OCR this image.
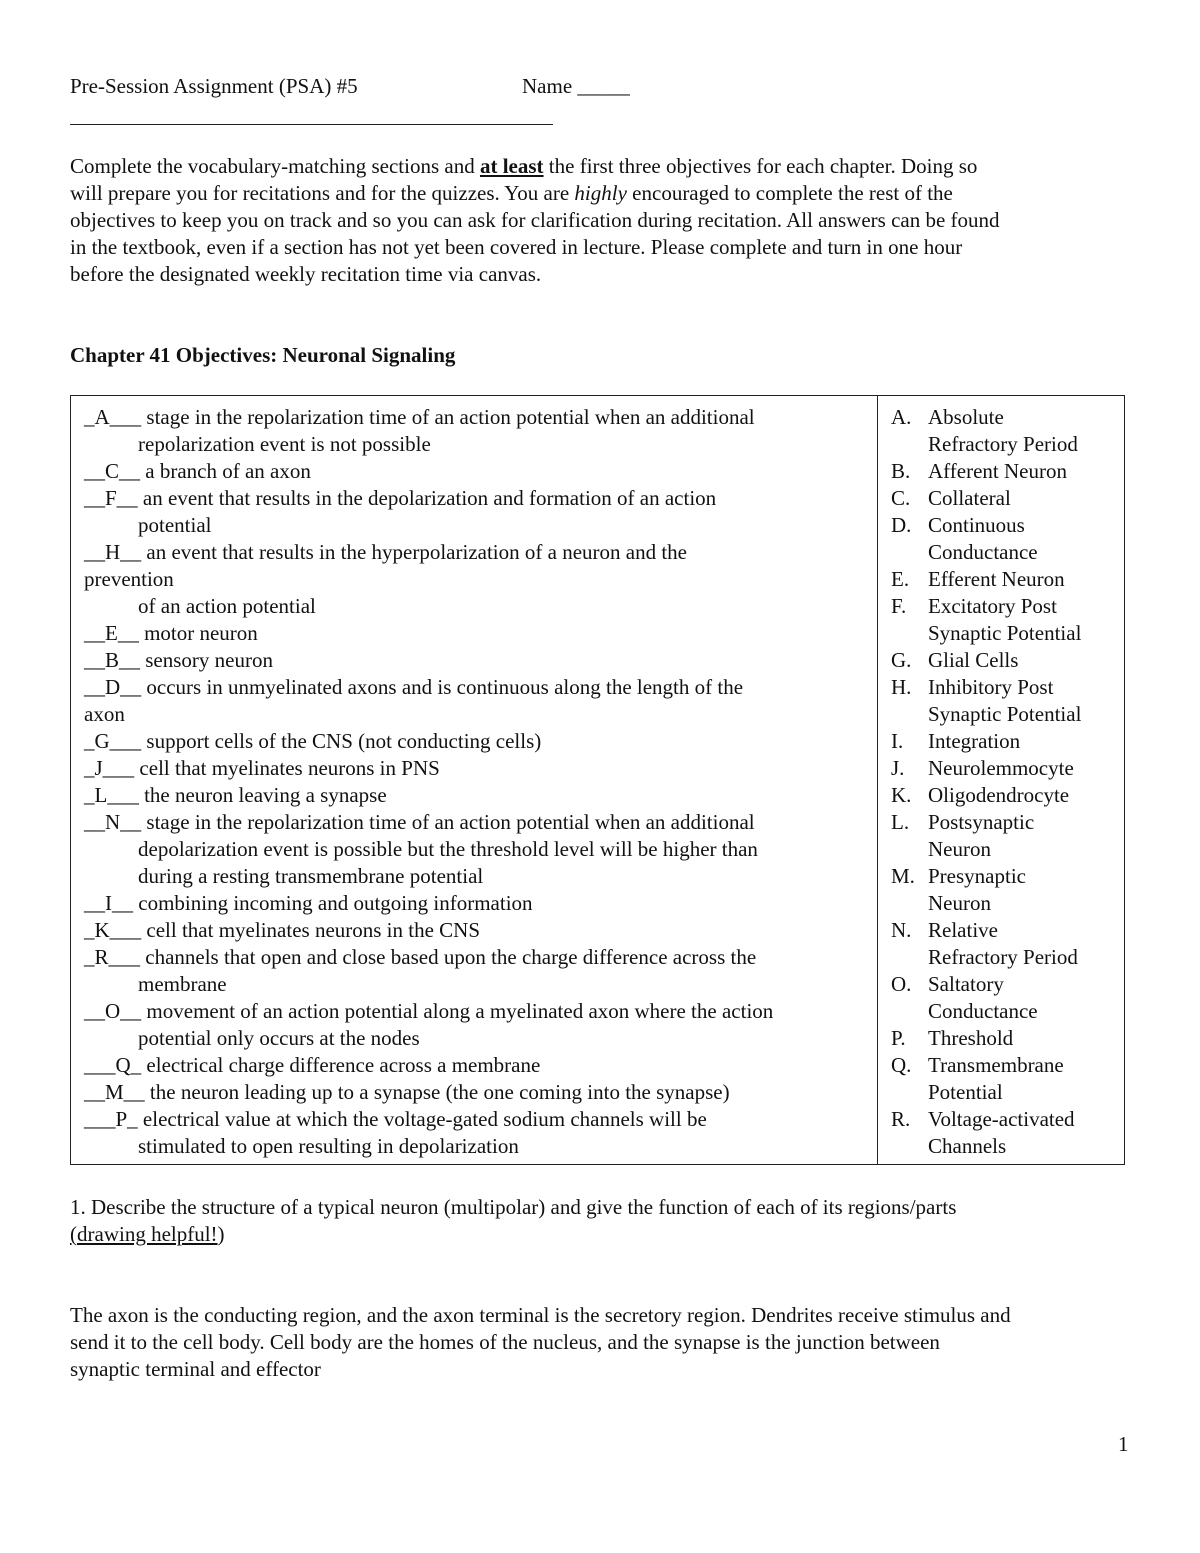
Pre-Session Assignment (PSA) #5	Name _____
Complete the vocabulary-matching sections and at least the first three objectives for each chapter. Doing so
will prepare you for recitations and for the quizzes. You are highly encouraged to complete the rest of the
objectives to keep you on track and so you can ask for clarification during recitation. All answers can be found
in the textbook, even if a section has not yet been covered in lecture. Please complete and turn in one hour
before the designated weekly recitation time via canvas.
Chapter 41 Objectives: Neuronal Signaling
_A___ stage in the repolarization time of an action potential when an additional
repolarization event is not possible
__C__ a branch of an axon
__F__ an event that results in the depolarization and formation of an action
potential
__H__ an event that results in the hyperpolarization of a neuron and the
prevention
of an action potential
__E__ motor neuron
__B__ sensory neuron
__D__ occurs in unmyelinated axons and is continuous along the length of the
axon
_G___ support cells of the CNS (not conducting cells)
_J___ cell that myelinates neurons in PNS
_L___ the neuron leaving a synapse
__N__ stage in the repolarization time of an action potential when an additional
depolarization event is possible but the threshold level will be higher than
during a resting transmembrane potential
__I__ combining incoming and outgoing information
_K___ cell that myelinates neurons in the CNS
_R___ channels that open and close based upon the charge difference across the
membrane
__O__ movement of an action potential along a myelinated axon where the action
potential only occurs at the nodes
___Q_ electrical charge difference across a membrane
__M__ the neuron leading up to a synapse (the one coming into the synapse)
___P_ electrical value at which the voltage-gated sodium channels will be
stimulated to open resulting in depolarization
A. Absolute
Refractory Period
B. Afferent Neuron
C. Collateral
D. Continuous
Conductance
E. Efferent Neuron
F. Excitatory Post
Synaptic Potential
G. Glial Cells
H. Inhibitory Post
Synaptic Potential
I. Integration
J. Neurolemmocyte
K. Oligodendrocyte
L. Postsynaptic
Neuron
M. Presynaptic
Neuron
N. Relative
Refractory Period
O. Saltatory
Conductance
P. Threshold
Q. Transmembrane
Potential
R. Voltage-activated
Channels
1. Describe the structure of a typical neuron (multipolar) and give the function of each of its regions/parts
(drawing helpful!)
The axon is the conducting region, and the axon terminal is the secretory region. Dendrites receive stimulus and
send it to the cell body. Cell body are the homes of the nucleus, and the synapse is the junction between
synaptic terminal and effector
1
